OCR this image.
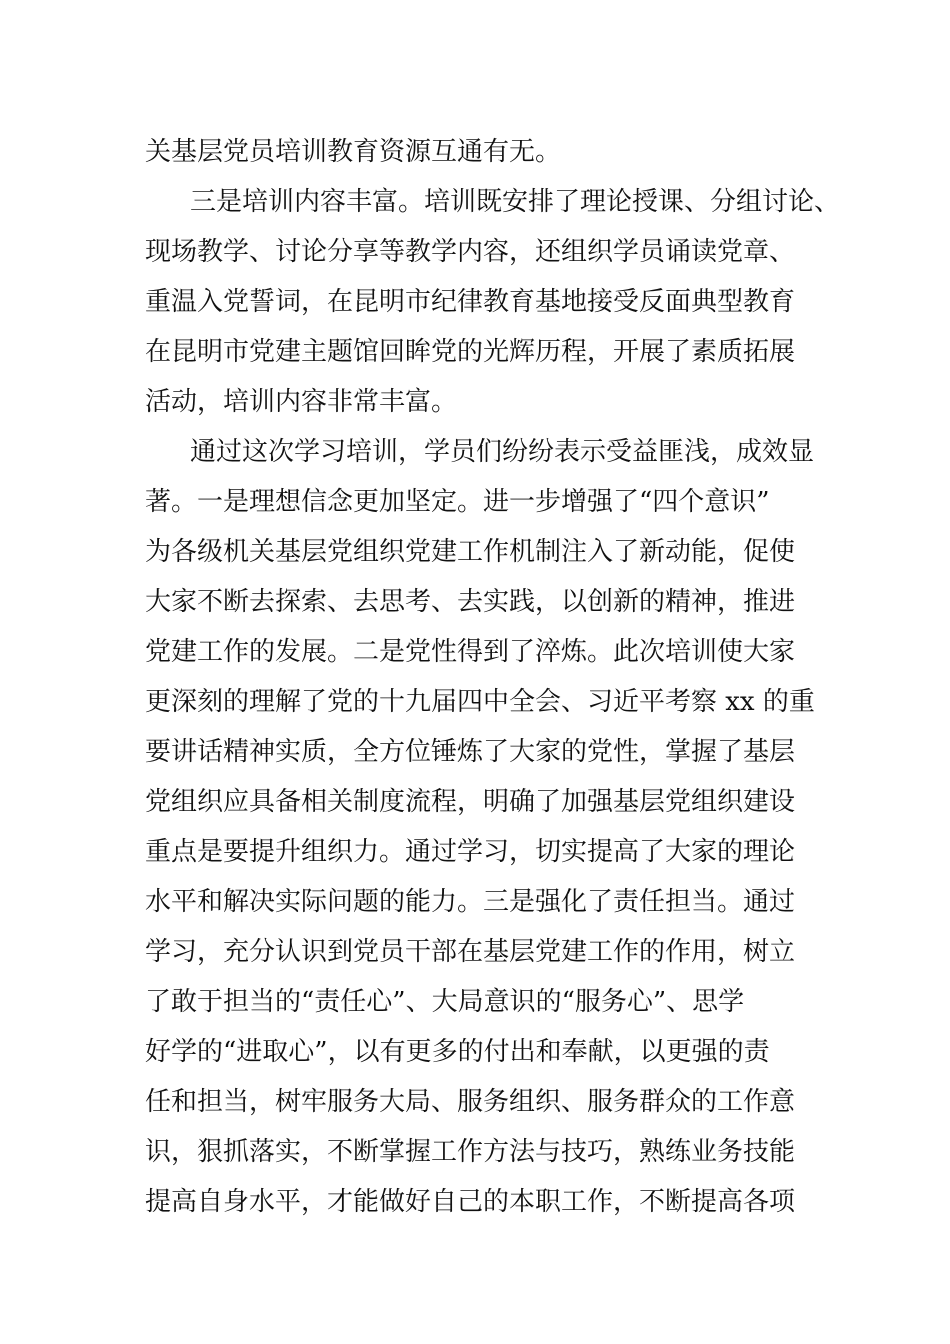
关基层党员培训教育资源互通有无。

三是培训内容丰富。培训既安排了理论授课、分组讨论、

现场教学、讨论分享等教学内容，还组织学员诵读党章、

重温入党誓词，在昆明市纪律教育基地接受反面典型教育

在昆明市党建主题馆回眸党的光辉历程，开展了素质拓展

活动，培训内容非常丰富。

通过这次学习培训，学员们纷纷表示受益匪浅，成效显

著。一是理想信念更加坚定。进一步增强了“四个意识”

为各级机关基层党组织党建工作机制注入了新动能，促使

大家不断去探索、去思考、去实践，以创新的精神，推进

党建工作的发展。二是党性得到了淬炼。此次培训使大家

更深刻的理解了党的十九届四中全会、习近平考察 xx 的重

要讲话精神实质，全方位锤炼了大家的党性，掌握了基层

党组织应具备相关制度流程，明确了加强基层党组织建设

重点是要提升组织力。通过学习，切实提高了大家的理论

水平和解决实际问题的能力。三是强化了责任担当。通过

学习，充分认识到党员干部在基层党建工作的作用，树立

了敢于担当的“责任心”、大局意识的“服务心”、思学

好学的“进取心”，以有更多的付出和奉献，以更强的责

任和担当，树牢服务大局、服务组织、服务群众的工作意

识，狠抓落实，不断掌握工作方法与技巧，熟练业务技能

提高自身水平，才能做好自己的本职工作，不断提高各项
